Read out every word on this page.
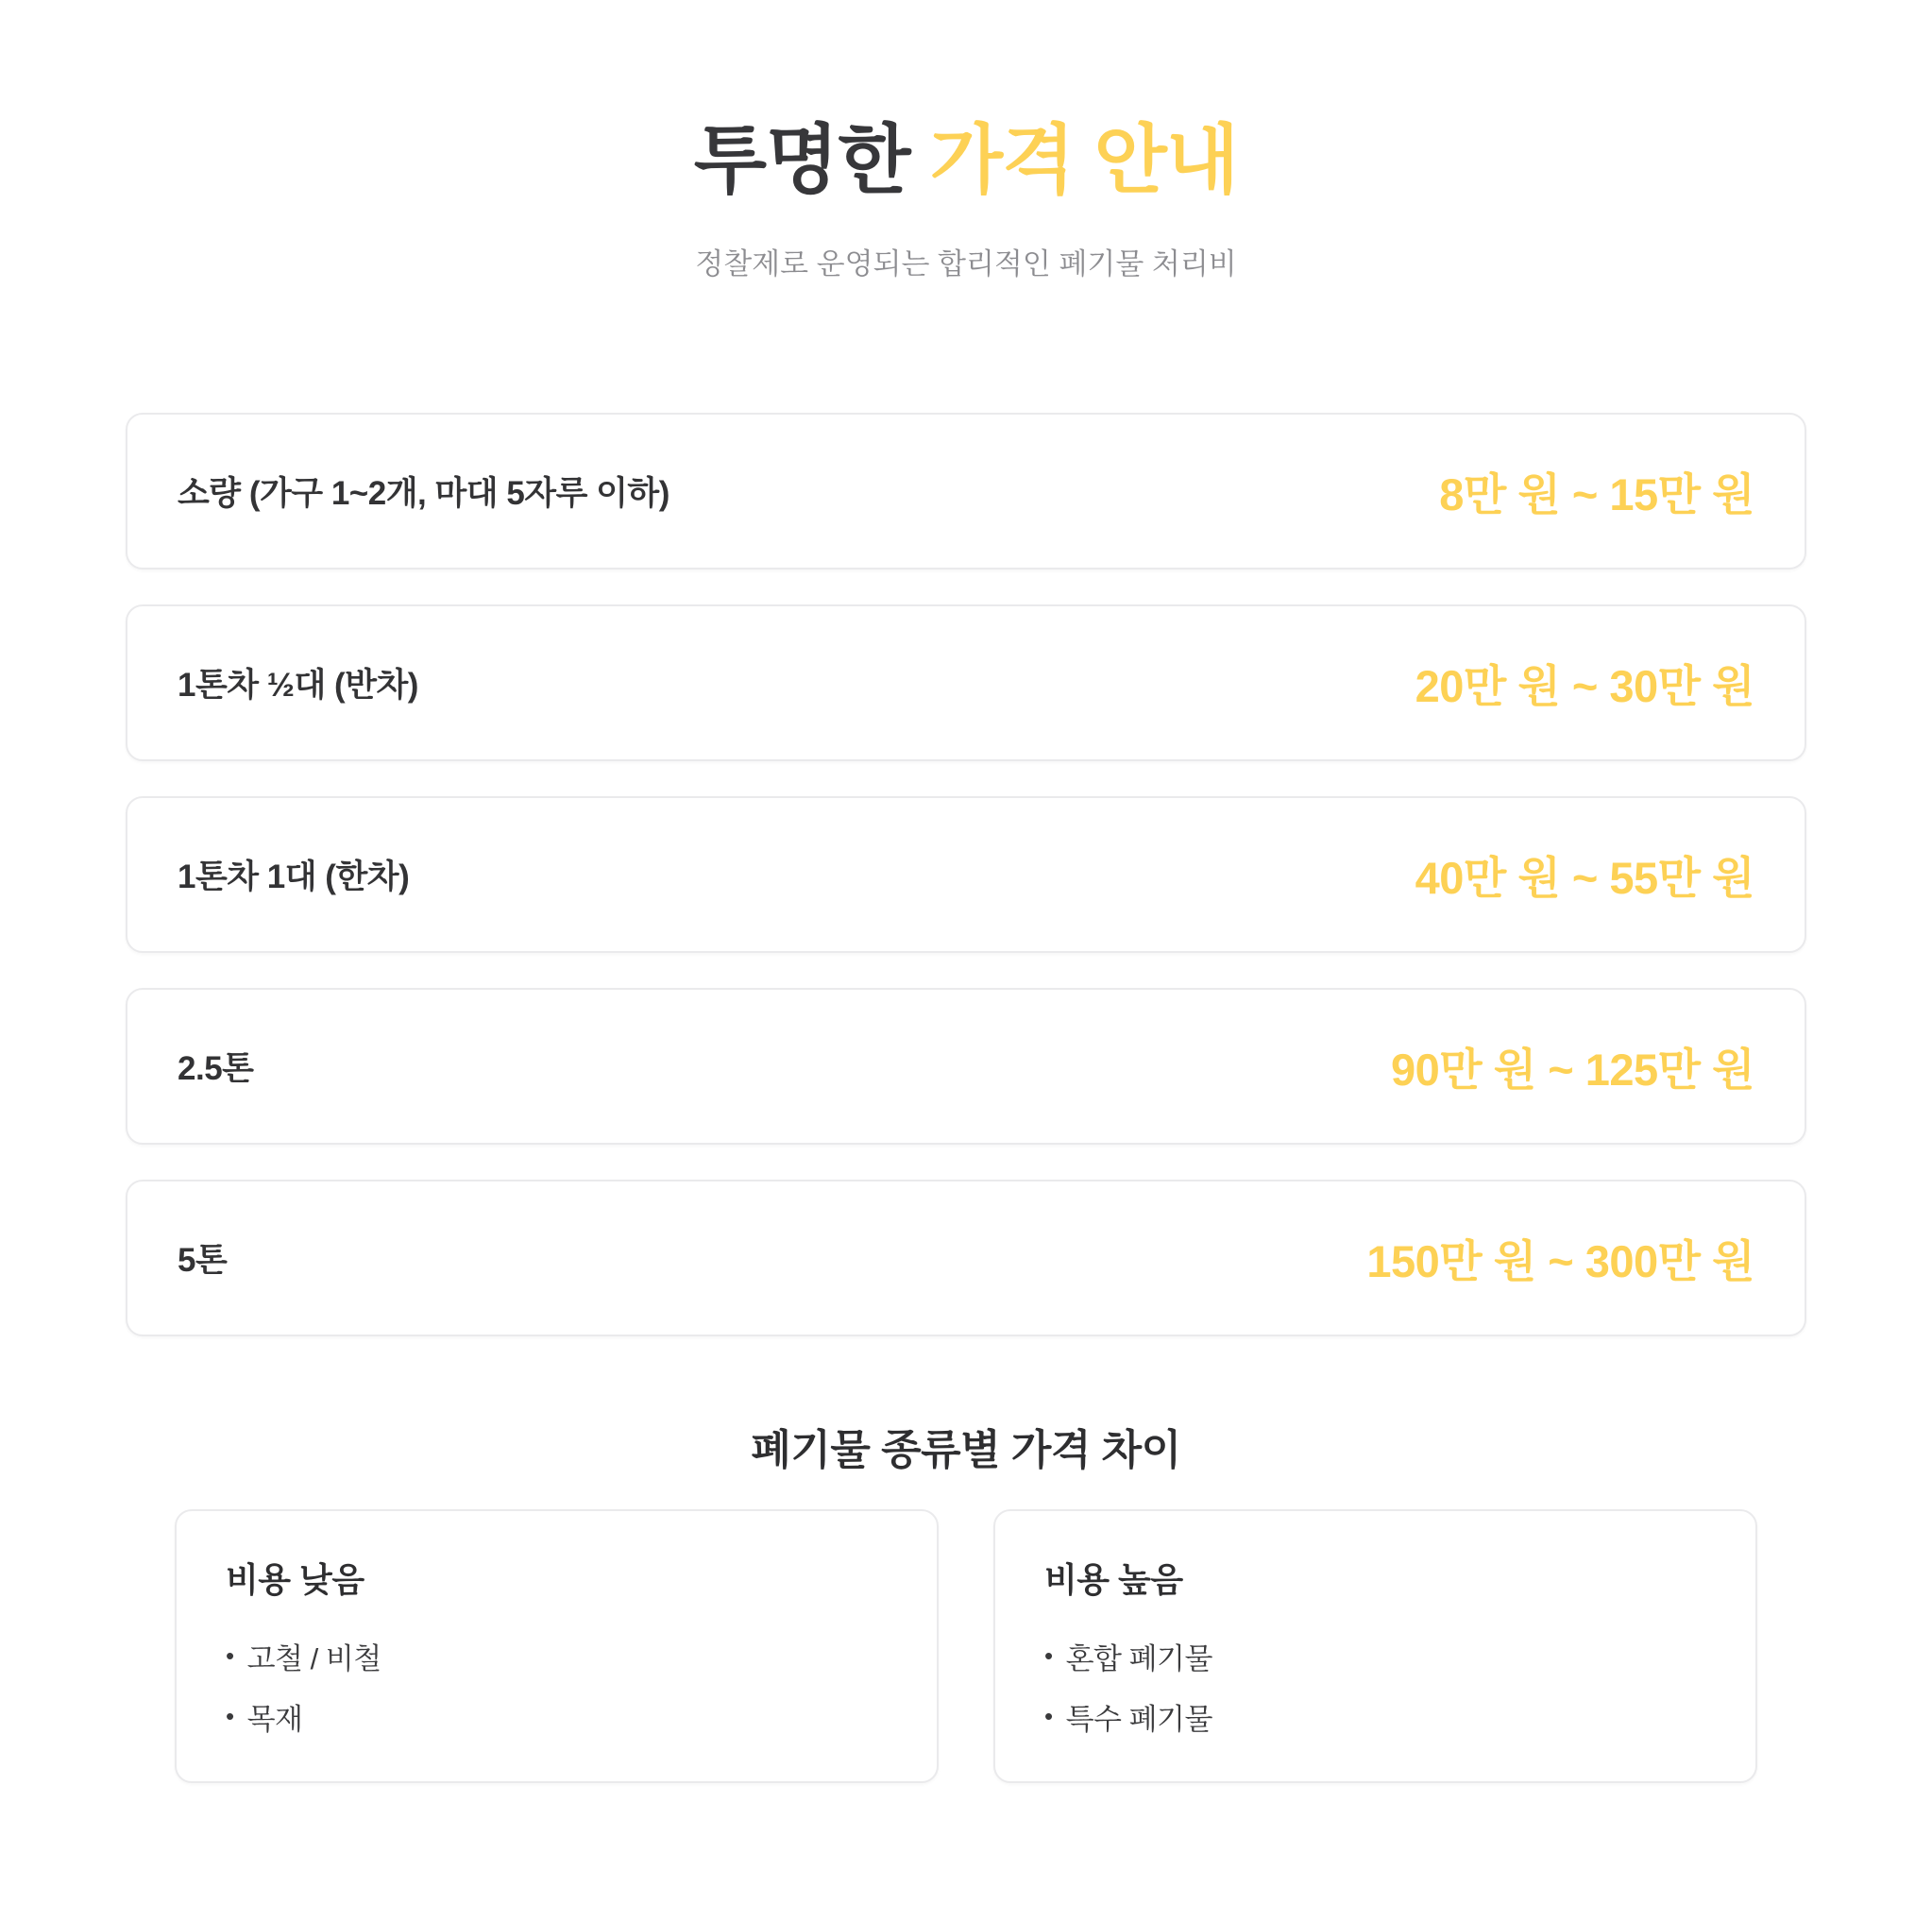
투명한 가격 안내

정찰제로 운영되는 합리적인 폐기물 처리비

소량 (가구 1~2개, 마대 5자루 이하)	8만 원 ~ 15만 원
1톤차 ½대 (반차)	20만 원 ~ 30만 원
1톤차 1대 (한차)	40만 원 ~ 55만 원
2.5톤	90만 원 ~ 125만 원
5톤	150만 원 ~ 300만 원
폐기물 종류별 가격 차이
비용 낮음
• 고철 / 비철
• 목재
비용 높음
• 혼합 폐기물
• 특수 폐기물
